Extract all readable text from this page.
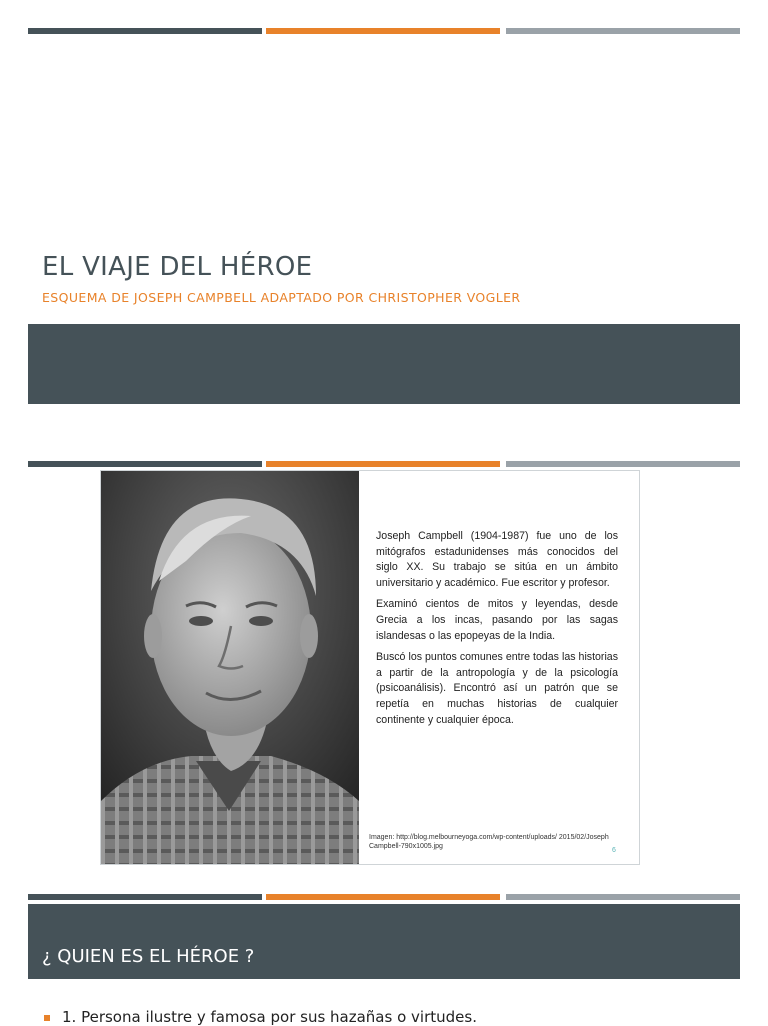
EL VIAJE DEL HÉROE
ESQUEMA DE JOSEPH CAMPBELL ADAPTADO POR CHRISTOPHER VOGLER

Joseph Campbell (1904-1987) fue uno de los mitógrafos estadunidenses más conocidos del siglo XX. Su trabajo se sitúa en un ámbito universitario y académico. Fue escritor y profesor.

Examinó cientos de mitos y leyendas, desde Grecia a los incas, pasando por las sagas islandesas o las epopeyas de la India.

Buscó los puntos comunes entre todas las historias a partir de la antropología y de la psicología (psicoanálisis). Encontró así un patrón que se repetía en muchas historias de cualquier continente y cualquier época.

Imagen: http://blog.melbourneyoga.com/wp-content/uploads/ 2015/02/JosephCampbell-790x1005.jpg
6
¿ QUIEN ES EL HÉROE ?
1. Persona ilustre y famosa por sus hazañas o virtudes.
